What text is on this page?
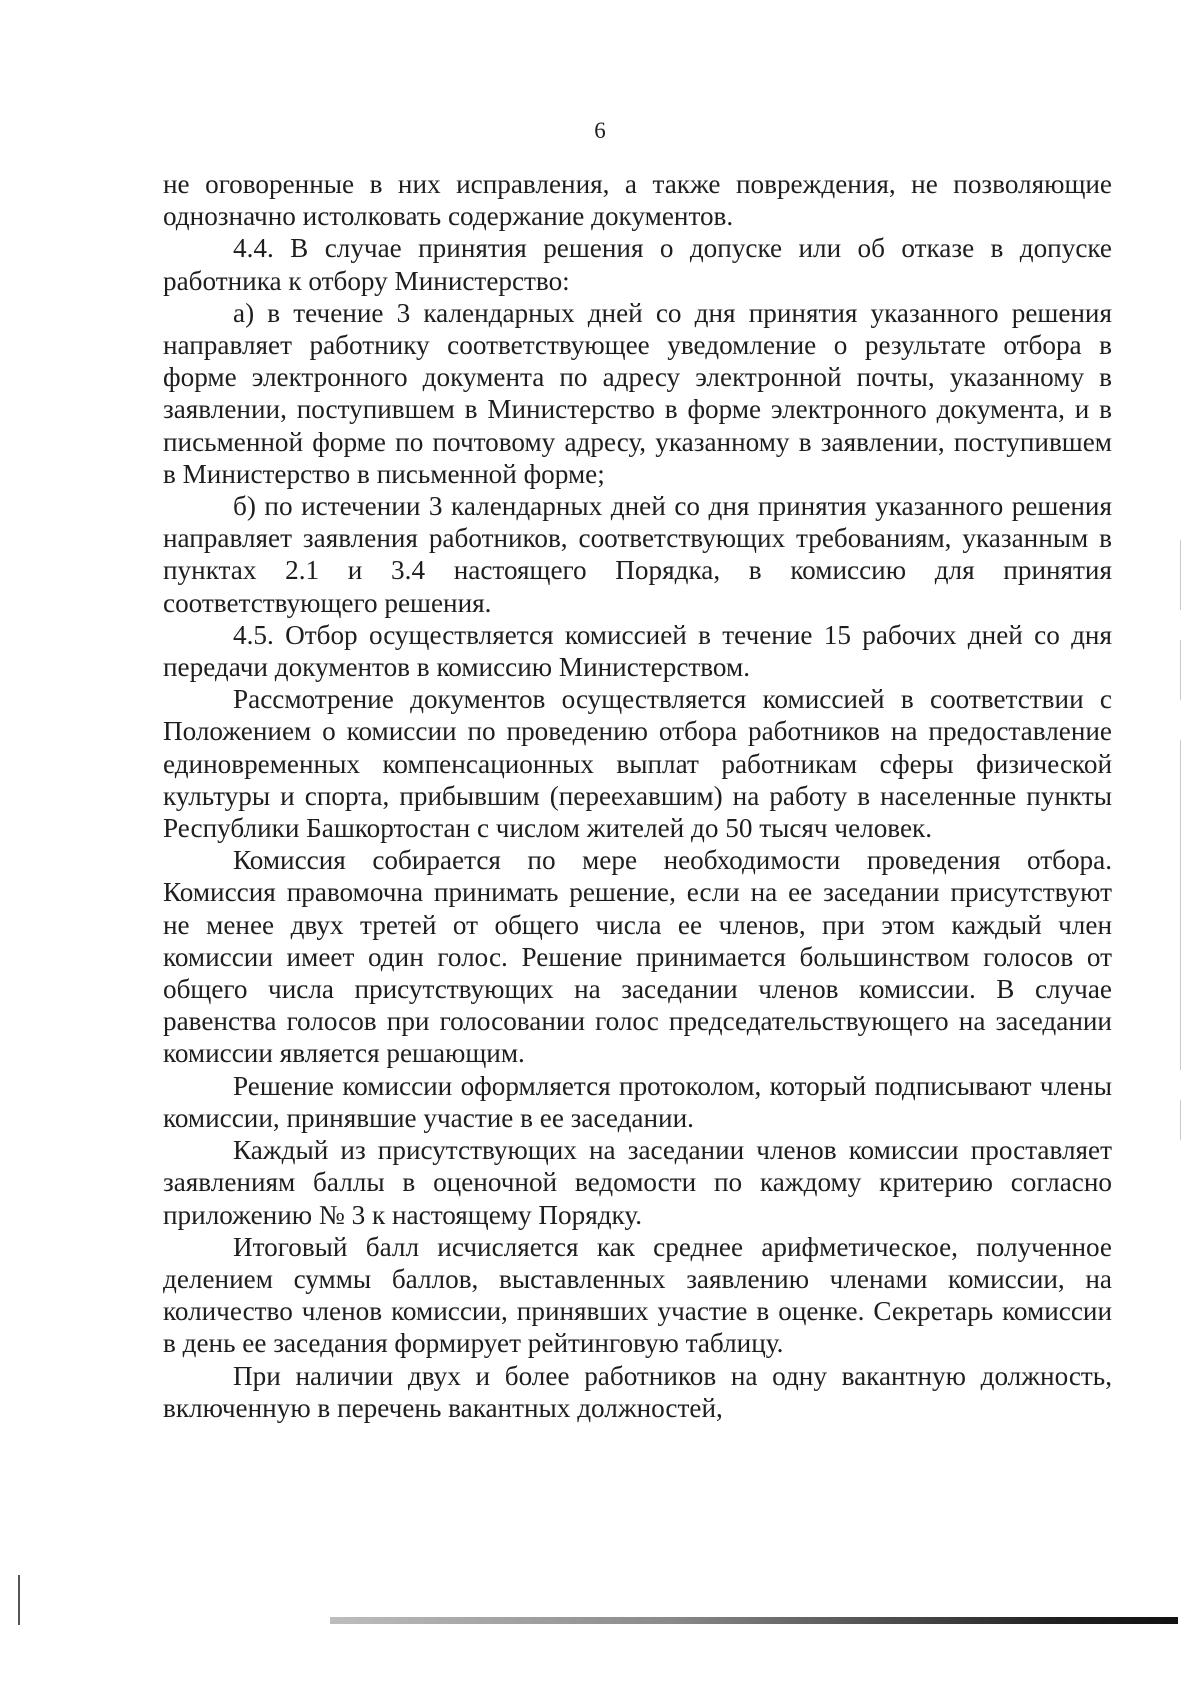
6

не оговоренные в них исправления, а также повреждения, не позволяющие однозначно истолковать содержание документов.

4.4. В случае принятия решения о допуске или об отказе в допуске работника к отбору Министерство:

а) в течение 3 календарных дней со дня принятия указанного решения направляет работнику соответствующее уведомление о результате отбора в форме электронного документа по адресу электронной почты, указанному в заявлении, поступившем в Министерство в форме электронного документа, и в письменной форме по почтовому адресу, указанному в заявлении, поступившем в Министерство в письменной форме;

б) по истечении 3 календарных дней со дня принятия указанного решения направляет заявления работников, соответствующих требованиям, указанным в пунктах 2.1 и 3.4 настоящего Порядка, в комиссию для принятия соответствующего решения.

4.5. Отбор осуществляется комиссией в течение 15 рабочих дней со дня передачи документов в комиссию Министерством.

Рассмотрение документов осуществляется комиссией в соответствии с Положением о комиссии по проведению отбора работников на предоставление единовременных компенсационных выплат работникам сферы физической культуры и спорта, прибывшим (переехавшим) на работу в населенные пункты Республики Башкортостан с числом жителей до 50 тысяч человек.

Комиссия собирается по мере необходимости проведения отбора. Комиссия правомочна принимать решение, если на ее заседании присутствуют не менее двух третей от общего числа ее членов, при этом каждый член комиссии имеет один голос. Решение принимается большинством голосов от общего числа присутствующих на заседании членов комиссии. В случае равенства голосов при голосовании голос председательствующего на заседании комиссии является решающим.

Решение комиссии оформляется протоколом, который подписывают члены комиссии, принявшие участие в ее заседании.

Каждый из присутствующих на заседании членов комиссии проставляет заявлениям баллы в оценочной ведомости по каждому критерию согласно приложению № 3 к настоящему Порядку.

Итоговый балл исчисляется как среднее арифметическое, полученное делением суммы баллов, выставленных заявлению членами комиссии, на количество членов комиссии, принявших участие в оценке. Секретарь комиссии в день ее заседания формирует рейтинговую таблицу.

При наличии двух и более работников на одну вакантную должность, включенную в перечень вакантных должностей,
